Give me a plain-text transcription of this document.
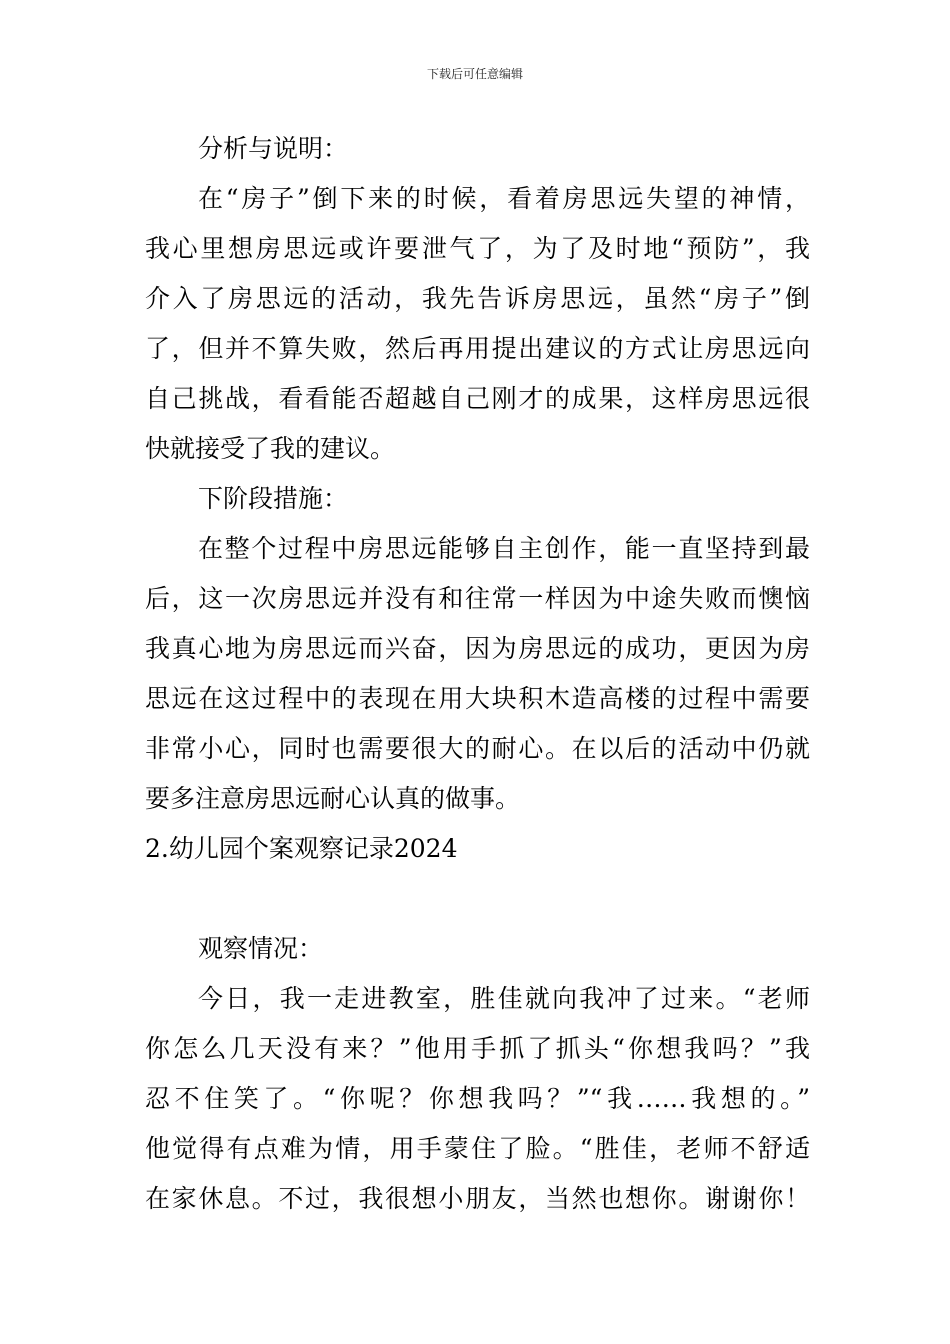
下载后可任意编辑
分析与说明：
在“房子”倒下来的时候，看着房思远失望的神情，
我心里想房思远或许要泄气了，为了及时地“预防”，我
介入了房思远的活动，我先告诉房思远，虽然“房子”倒
了，但并不算失败，然后再用提出建议的方式让房思远向
自己挑战，看看能否超越自己刚才的成果，这样房思远很
快就接受了我的建议。
下阶段措施：
在整个过程中房思远能够自主创作，能一直坚持到最
后，这一次房思远并没有和往常一样因为中途失败而懊恼
我真心地为房思远而兴奋，因为房思远的成功，更因为房
思远在这过程中的表现在用大块积木造高楼的过程中需要
非常小心，同时也需要很大的耐心。在以后的活动中仍就
要多注意房思远耐心认真的做事。
2.幼儿园个案观察记录2024
观察情况：
今日，我一走进教室，胜佳就向我冲了过来。“老师
你怎么几天没有来？”他用手抓了抓头“你想我吗？”我
忍不住笑了。“你呢？你想我吗？”“我……我想的。”
他觉得有点难为情，用手蒙住了脸。“胜佳，老师不舒适
在家休息。不过，我很想小朋友，当然也想你。谢谢你！
